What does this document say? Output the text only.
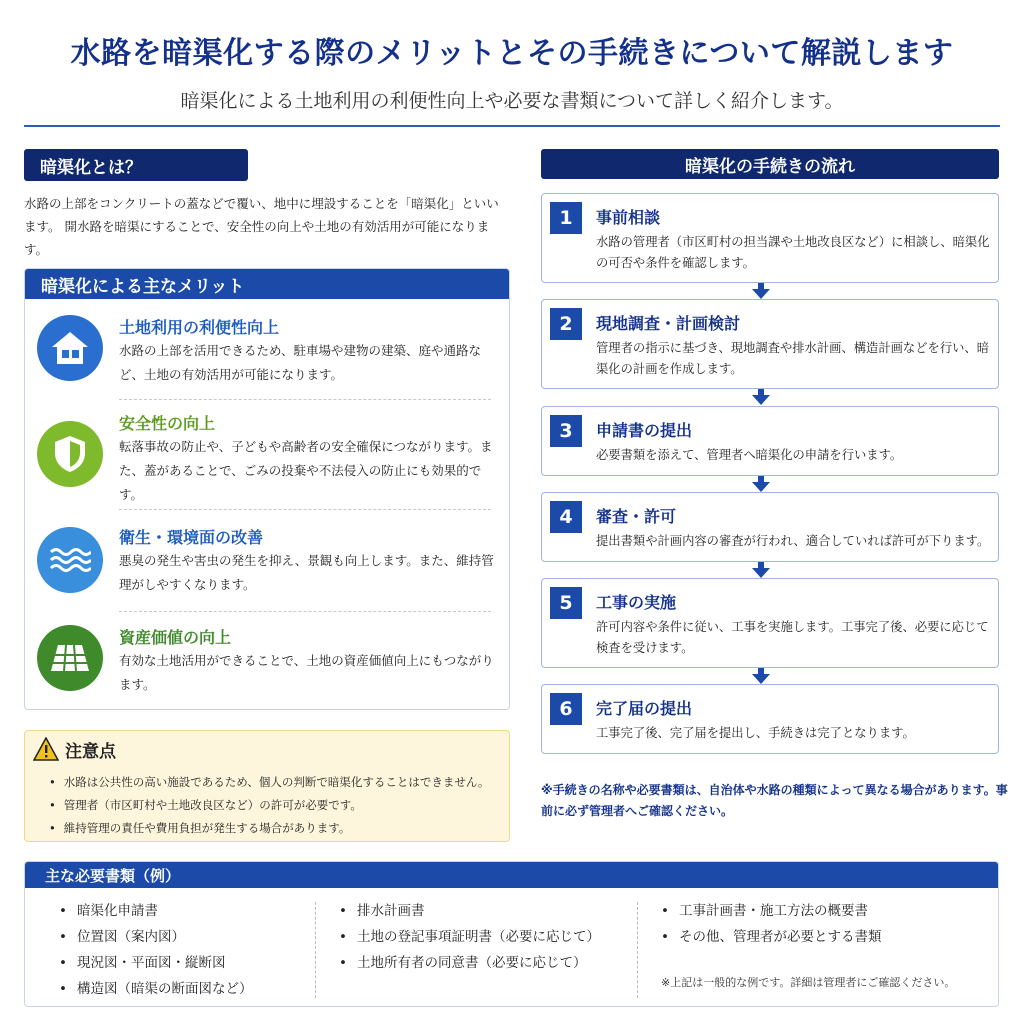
水路を暗渠化する際のメリットとその手続きについて解説します
暗渠化による土地利用の利便性向上や必要な書類について詳しく紹介します。
暗渠化とは？
水路の上部をコンクリートの蓋などで覆い、地中に埋設することを「暗渠化」といいます。 開水路を暗渠にすることで、安全性の向上や土地の有効活用が可能になります。
暗渠化による主なメリット
土地利用の利便性向上
水路の上部を活用できるため、駐車場や建物の建築、庭や通路など、土地の有効活用が可能になります。
安全性の向上
転落事故の防止や、子どもや高齢者の安全確保につながります。また、蓋があることで、ごみの投棄や不法侵入の防止にも効果的です。
衛生・環境面の改善
悪臭の発生や害虫の発生を抑え、景観も向上します。また、維持管理がしやすくなります。
資産価値の向上
有効な土地活用ができることで、土地の資産価値向上にもつながります。
注意点
• 水路は公共性の高い施設であるため、個人の判断で暗渠化することはできません。
• 管理者（市区町村や土地改良区など）の許可が必要です。
• 維持管理の責任や費用負担が発生する場合があります。
暗渠化の手続きの流れ
1	事前相談
水路の管理者（市区町村の担当課や土地改良区など）に相談し、暗渠化の可否や条件を確認します。
2	現地調査・計画検討
管理者の指示に基づき、現地調査や排水計画、構造計画などを行い、暗渠化の計画を作成します。
3	申請書の提出
必要書類を添えて、管理者へ暗渠化の申請を行います。
4	審査・許可
提出書類や計画内容の審査が行われ、適合していれば許可が下ります。
5	工事の実施
許可内容や条件に従い、工事を実施します。工事完了後、必要に応じて検査を受けます。
6	完了届の提出
工事完了後、完了届を提出し、手続きは完了となります。
※手続きの名称や必要書類は、自治体や水路の種類によって異なる場合があります。事前に必ず管理者へご確認ください。
主な必要書類（例）
• 暗渠化申請書
• 位置図（案内図）
• 現況図・平面図・縦断図
• 構造図（暗渠の断面図など）
• 排水計画書
• 土地の登記事項証明書（必要に応じて）
• 土地所有者の同意書（必要に応じて）
• 工事計画書・施工方法の概要書
• その他、管理者が必要とする書類
※上記は一般的な例です。詳細は管理者にご確認ください。
